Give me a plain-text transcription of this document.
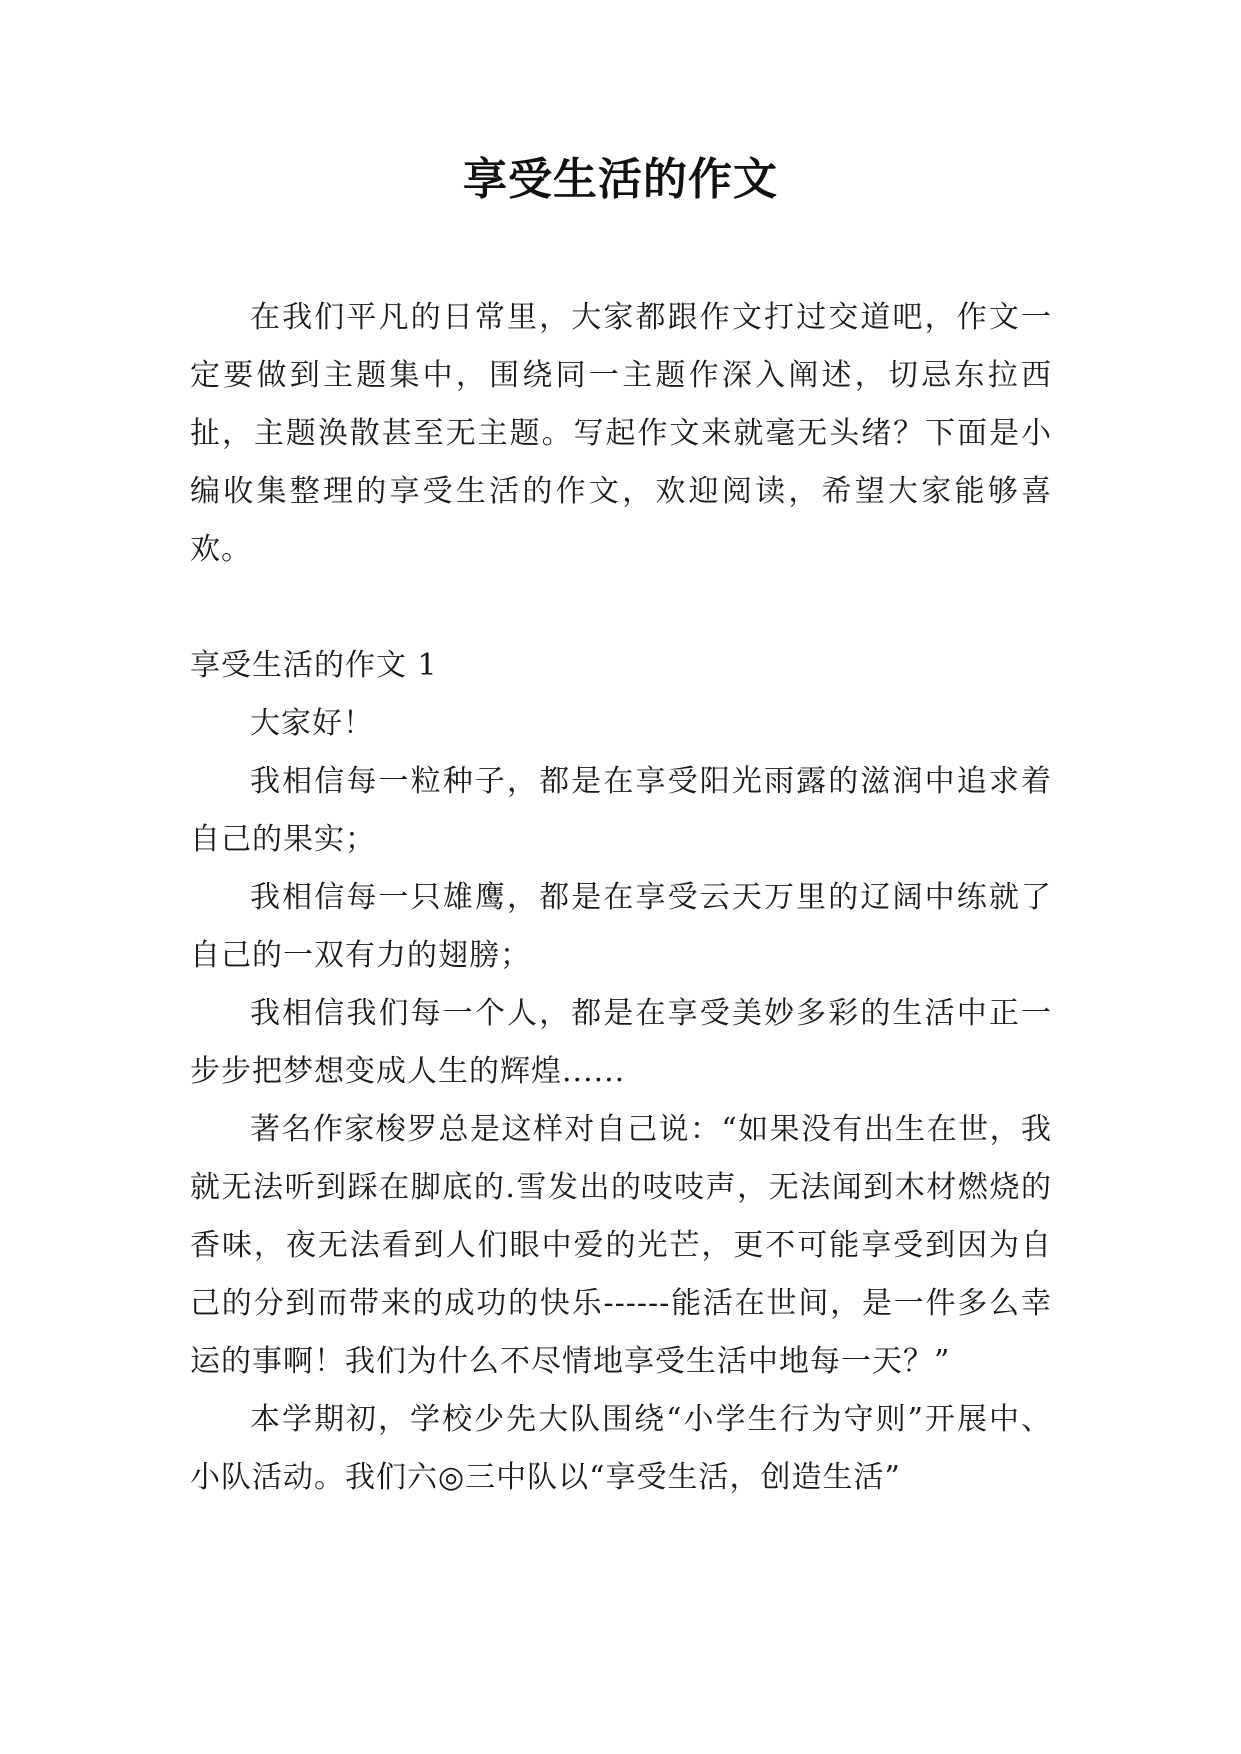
享受生活的作文

在我们平凡的日常里，大家都跟作文打过交道吧，作文一定要做到主题集中，围绕同一主题作深入阐述，切忌东拉西扯，主题涣散甚至无主题。写起作文来就毫无头绪？下面是小编收集整理的享受生活的作文，欢迎阅读，希望大家能够喜欢。

享受生活的作文 1

大家好！

我相信每一粒种子，都是在享受阳光雨露的滋润中追求着自己的果实；

我相信每一只雄鹰，都是在享受云天万里的辽阔中练就了自己的一双有力的翅膀；

我相信我们每一个人，都是在享受美妙多彩的生活中正一步步把梦想变成人生的辉煌......

著名作家梭罗总是这样对自己说：“如果没有出生在世，我就无法听到踩在脚底的.雪发出的吱吱声，无法闻到木材燃烧的香味，夜无法看到人们眼中爱的光芒，更不可能享受到因为自己的分到而带来的成功的快乐------能活在世间，是一件多么幸运的事啊！我们为什么不尽情地享受生活中地每一天？”

本学期初，学校少先大队围绕“小学生行为守则”开展中、小队活动。我们六◎三中队以“享受生活，创造生活”
